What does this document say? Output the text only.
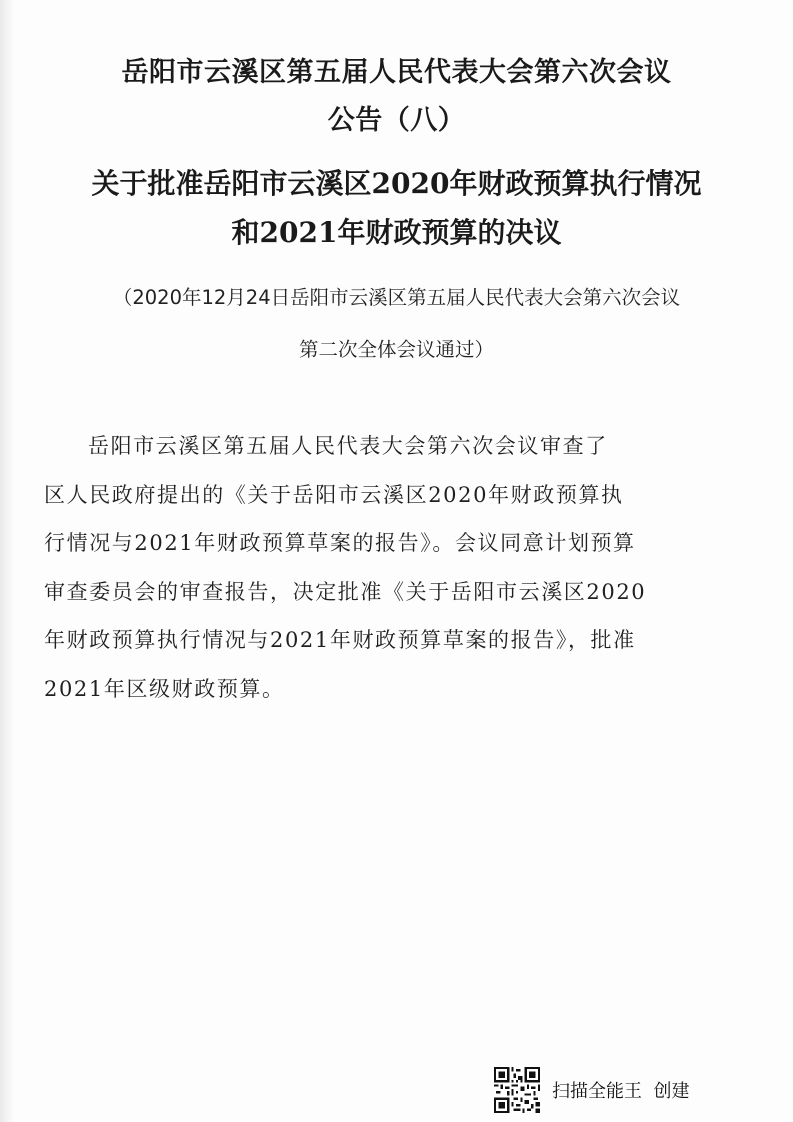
岳阳市云溪区第五届人民代表大会第六次会议
公告（八）
关于批准岳阳市云溪区2020年财政预算执行情况
和2021年财政预算的决议
（2020年12月24日岳阳市云溪区第五届人民代表大会第六次会议
第二次全体会议通过）
岳阳市云溪区第五届人民代表大会第六次会议审查了
区人民政府提出的《关于岳阳市云溪区2020年财政预算执
行情况与2021年财政预算草案的报告》。会议同意计划预算
审查委员会的审查报告，决定批准《关于岳阳市云溪区2020
年财政预算执行情况与2021年财政预算草案的报告》，批准
2021年区级财政预算。
扫描全能王  创建
